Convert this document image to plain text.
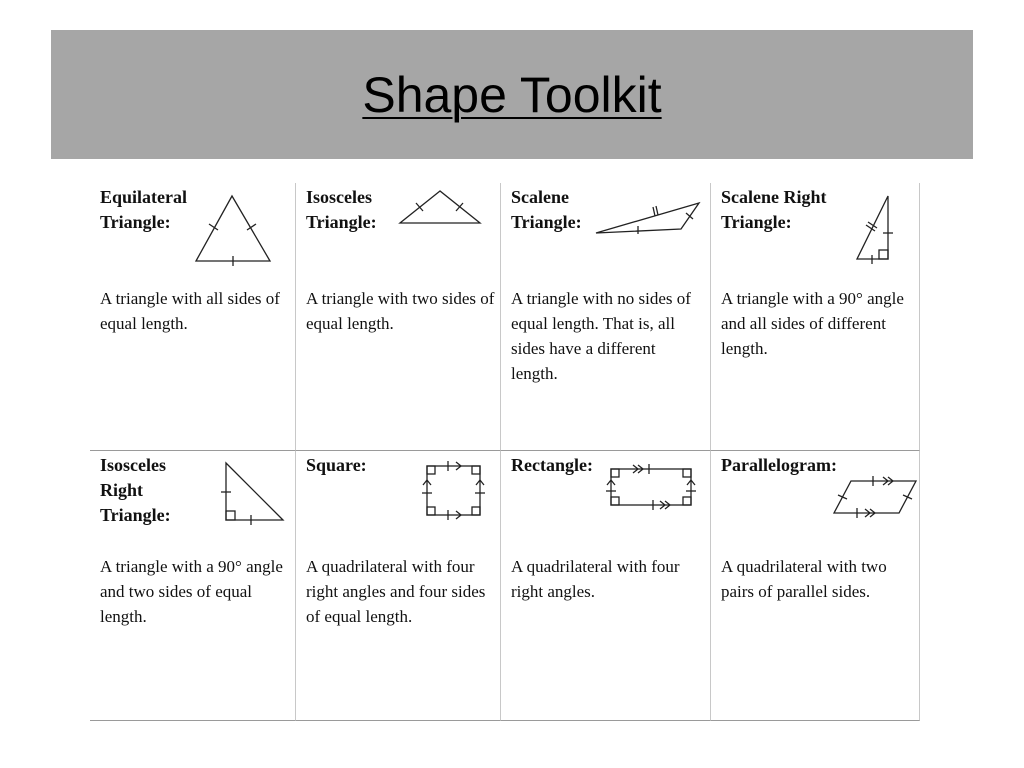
Shape Toolkit
Equilateral
Triangle:
A triangle with all sides of equal length.
Isosceles
Triangle:
A triangle with two sides of equal length.
Scalene
Triangle:
A triangle with no sides of equal length. That is, all sides have a different length.
Scalene Right
Triangle:
A triangle with a 90° angle and all sides of different length.
Isosceles
Right
Triangle:
A triangle with a 90° angle and two sides of equal length.
Square:
A quadrilateral with four right angles and four sides of equal length.
Rectangle:
A quadrilateral with four right angles.
Parallelogram:
A quadrilateral with two pairs of parallel sides.
